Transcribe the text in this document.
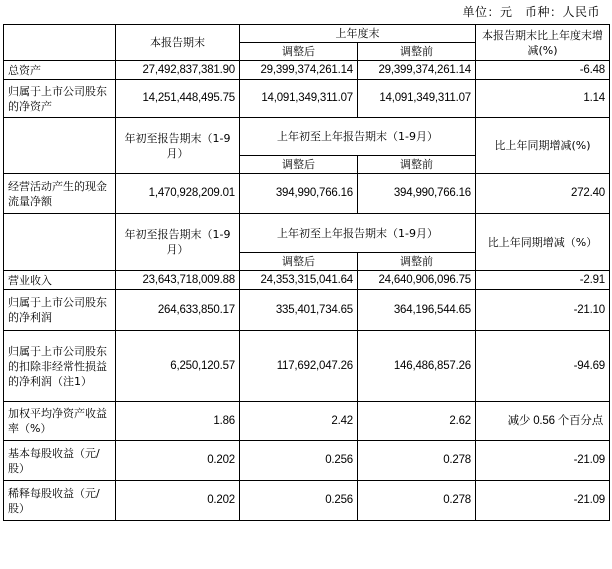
单位：元　币种：人民币
	本报告期末	上年度末		本报告期末比上年度末增减(%)
		调整后	调整前	
总资产	27,492,837,381.90	29,399,374,261.14	29,399,374,261.14	-6.48
归属于上市公司股东的净资产	14,251,448,495.75	14,091,349,311.07	14,091,349,311.07	1.14
	年初至报告期末（1-9月）	上年初至上年报告期末（1-9月）		比上年同期增减(%)
		调整后	调整前	
经营活动产生的现金流量净额	1,470,928,209.01	394,990,766.16	394,990,766.16	272.40
	年初至报告期末（1-9月）	上年初至上年报告期末（1-9月）		比上年同期增减（%）
		调整后	调整前	
营业收入	23,643,718,009.88	24,353,315,041.64	24,640,906,096.75	-2.91
归属于上市公司股东的净利润	264,633,850.17	335,401,734.65	364,196,544.65	-21.10
归属于上市公司股东的扣除非经常性损益的净利润（注1）	6,250,120.57	117,692,047.26	146,486,857.26	-94.69
加权平均净资产收益率（%）	1.86	2.42	2.62	减少 0.56 个百分点
基本每股收益（元/股）	0.202	0.256	0.278	-21.09
稀释每股收益（元/股）	0.202	0.256	0.278	-21.09
